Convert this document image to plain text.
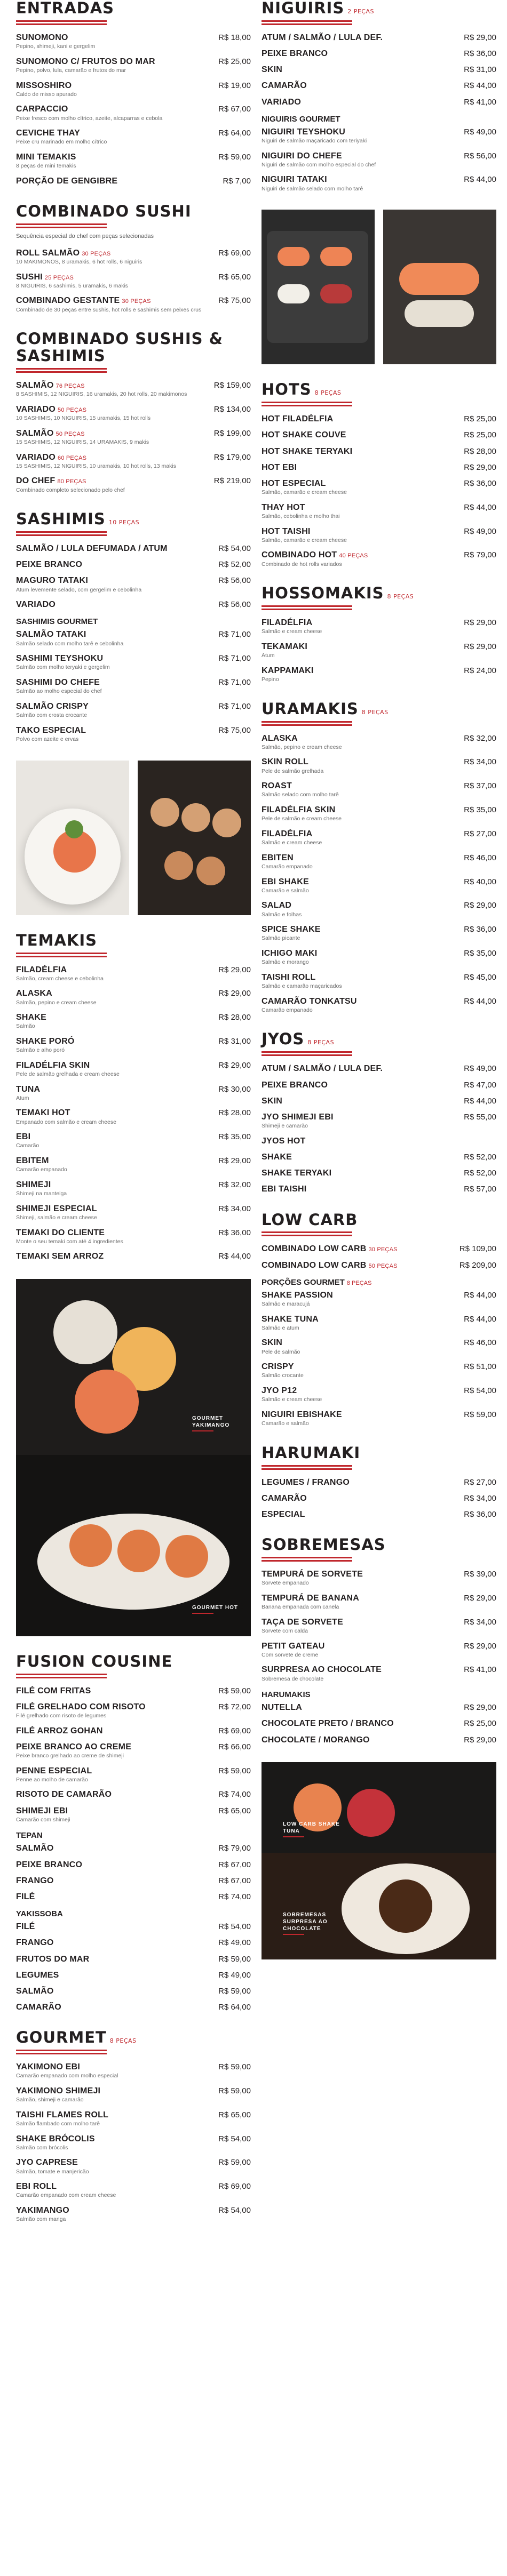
ENTRADAS
SUNOMONO	R$ 18,00
Pepino, shimeji, kani e gergelim
SUNOMONO C/ FRUTOS DO MAR	R$ 25,00
Pepino, polvo, lula, camarão e frutos do mar
MISSOSHIRO	R$ 19,00
Caldo de misso apurado
CARPACCIO	R$ 67,00
Peixe fresco com molho cítrico, azeite, alcaparras e cebola
CEVICHE THAY	R$ 64,00
Peixe cru marinado em molho cítrico
MINI TEMAKIS	R$ 59,00
8 peças de mini temakis
PORÇÃO DE GENGIBRE	R$ 7,00
COMBINADO SUSHI
Sequência especial do chef com peças selecionadas
ROLL SALMÃO 30 PEÇAS	R$ 69,00
10 MAKIMONOS, 8 uramakis, 6 hot rolls, 6 niguiris
SUSHI 25 PEÇAS	R$ 65,00
8 NIGUIRIS, 6 sashimis, 5 uramakis, 6 makis
COMBINADO GESTANTE 30 PEÇAS	R$ 75,00
Combinado de 30 peças entre sushis, hot rolls e sashimis sem peixes crus
COMBINADO SUSHIS & SASHIMIS
SALMÃO 76 PEÇAS	R$ 159,00
8 SASHIMIS, 12 NIGUIRIS, 16 uramakis, 20 hot rolls, 20 makimonos
VARIADO 50 PEÇAS	R$ 134,00
10 SASHIMIS, 10 NIGUIRIS, 15 uramakis, 15 hot rolls
SALMÃO 50 PEÇAS	R$ 199,00
15 SASHIMIS, 12 NIGUIRIS, 14 URAMAKIS, 9 makis
VARIADO 60 PEÇAS	R$ 179,00
15 SASHIMIS, 12 NIGUIRIS, 10 uramakis, 10 hot rolls, 13 makis
DO CHEF 80 PEÇAS	R$ 219,00
Combinado completo selecionado pelo chef
SASHIMIS 10 PEÇAS
SALMÃO / LULA DEFUMADA / ATUM	R$ 54,00
PEIXE BRANCO	R$ 52,00
MAGURO TATAKI	R$ 56,00
Atum levemente selado, com gergelim e cebolinha
VARIADO	R$ 56,00
SASHIMIS GOURMET
SALMÃO TATAKI	R$ 71,00
Salmão selado com molho tarê e cebolinha
SASHIMI TEYSHOKU	R$ 71,00
Salmão com molho teryaki e gergelim
SASHIMI DO CHEFE	R$ 71,00
Salmão ao molho especial do chef
SALMÃO CRISPY	R$ 71,00
Salmão com crosta crocante
TAKO ESPECIAL	R$ 75,00
Polvo com azeite e ervas
TEMAKIS
FILADÉLFIA	R$ 29,00
Salmão, cream cheese e cebolinha
ALASKA	R$ 29,00
Salmão, pepino e cream cheese
SHAKE	R$ 28,00
Salmão
SHAKE PORÓ	R$ 31,00
Salmão e alho poró
FILADÉLFIA SKIN	R$ 29,00
Pele de salmão grelhada e cream cheese
TUNA	R$ 30,00
Atum
TEMAKI HOT	R$ 28,00
Empanado com salmão e cream cheese
EBI	R$ 35,00
Camarão
EBITEM	R$ 29,00
Camarão empanado
SHIMEJI	R$ 32,00
Shimeji na manteiga
SHIMEJI ESPECIAL	R$ 34,00
Shimeji, salmão e cream cheese
TEMAKI DO CLIENTE	R$ 36,00
Monte o seu temaki com até 4 ingredientes
TEMAKI SEM ARROZ	R$ 44,00
GOURMET YAKIMANGO
GOURMET HOT
FUSION COUSINE
FILÉ COM FRITAS	R$ 59,00
FILÉ GRELHADO COM RISOTO	R$ 72,00
Filé grelhado com risoto de legumes
FILÉ ARROZ GOHAN	R$ 69,00
PEIXE BRANCO AO CREME	R$ 66,00
Peixe branco grelhado ao creme de shimeji
PENNE ESPECIAL	R$ 59,00
Penne ao molho de camarão
RISOTO DE CAMARÃO	R$ 74,00
SHIMEJI EBI	R$ 65,00
Camarão com shimeji
TEPAN
SALMÃO	R$ 79,00
PEIXE BRANCO	R$ 67,00
FRANGO	R$ 67,00
FILÉ	R$ 74,00
YAKISSOBA
FILÉ	R$ 54,00
FRANGO	R$ 49,00
FRUTOS DO MAR	R$ 59,00
LEGUMES	R$ 49,00
SALMÃO	R$ 59,00
CAMARÃO	R$ 64,00
GOURMET 8 PEÇAS
YAKIMONO EBI	R$ 59,00
Camarão empanado com molho especial
YAKIMONO SHIMEJI	R$ 59,00
Salmão, shimeji e camarão
TAISHI FLAMES ROLL	R$ 65,00
Salmão flambado com molho tarê
SHAKE BRÓCOLIS	R$ 54,00
Salmão com brócolis
JYO CAPRESE	R$ 59,00
Salmão, tomate e manjericão
EBI ROLL	R$ 69,00
Camarão empanado com cream cheese
YAKIMANGO	R$ 54,00
Salmão com manga
NIGUIRIS 2 PEÇAS
ATUM / SALMÃO / LULA DEF.	R$ 29,00
PEIXE BRANCO	R$ 36,00
SKIN	R$ 31,00
CAMARÃO	R$ 44,00
VARIADO	R$ 41,00
NIGUIRIS GOURMET
NIGUIRI TEYSHOKU	R$ 49,00
Niguiri de salmão maçaricado com teriyaki
NIGUIRI DO CHEFE	R$ 56,00
Niguiri de salmão com molho especial do chef
NIGUIRI TATAKI	R$ 44,00
Niguiri de salmão selado com molho tarê
HOTS 8 PEÇAS
HOT FILADÉLFIA	R$ 25,00
HOT SHAKE COUVE	R$ 25,00
HOT SHAKE TERYAKI	R$ 28,00
HOT EBI	R$ 29,00
HOT ESPECIAL	R$ 36,00
Salmão, camarão e cream cheese
THAY HOT	R$ 44,00
Salmão, cebolinha e molho thai
HOT TAISHI	R$ 49,00
Salmão, camarão e cream cheese
COMBINADO HOT 40 PEÇAS	R$ 79,00
Combinado de hot rolls variados
HOSSOMAKIS 8 PEÇAS
FILADÉLFIA	R$ 29,00
Salmão e cream cheese
TEKAMAKI	R$ 29,00
Atum
KAPPAMAKI	R$ 24,00
Pepino
URAMAKIS 8 PEÇAS
ALASKA	R$ 32,00
Salmão, pepino e cream cheese
SKIN ROLL	R$ 34,00
Pele de salmão grelhada
ROAST	R$ 37,00
Salmão selado com molho tarê
FILADÉLFIA SKIN	R$ 35,00
Pele de salmão e cream cheese
FILADÉLFIA	R$ 27,00
Salmão e cream cheese
EBITEN	R$ 46,00
Camarão empanado
EBI SHAKE	R$ 40,00
Camarão e salmão
SALAD	R$ 29,00
Salmão e folhas
SPICE SHAKE	R$ 36,00
Salmão picante
ICHIGO MAKI	R$ 35,00
Salmão e morango
TAISHI ROLL	R$ 45,00
Salmão e camarão maçaricados
CAMARÃO TONKATSU	R$ 44,00
Camarão empanado
JYOS 8 PEÇAS
ATUM / SALMÃO / LULA DEF.	R$ 49,00
PEIXE BRANCO	R$ 47,00
SKIN	R$ 44,00
JYO SHIMEJI EBI	R$ 55,00
Shimeji e camarão
JYOS HOT
SHAKE	R$ 52,00
SHAKE TERYAKI	R$ 52,00
EBI TAISHI	R$ 57,00
LOW CARB
COMBINADO LOW CARB 30 PEÇAS	R$ 109,00
COMBINADO LOW CARB 50 PEÇAS	R$ 209,00
PORÇÕES GOURMET 8 PEÇAS
SHAKE PASSION	R$ 44,00
Salmão e maracujá
SHAKE TUNA	R$ 44,00
Salmão e atum
SKIN	R$ 46,00
Pele de salmão
CRISPY	R$ 51,00
Salmão crocante
JYO P12	R$ 54,00
Salmão e cream cheese
NIGUIRI EBISHAKE	R$ 59,00
Camarão e salmão
HARUMAKI
LEGUMES / FRANGO	R$ 27,00
CAMARÃO	R$ 34,00
ESPECIAL	R$ 36,00
SOBREMESAS
TEMPURÁ DE SORVETE	R$ 39,00
Sorvete empanado
TEMPURÁ DE BANANA	R$ 29,00
Banana empanada com canela
TAÇA DE SORVETE	R$ 34,00
Sorvete com calda
PETIT GATEAU	R$ 29,00
Com sorvete de creme
SURPRESA AO CHOCOLATE	R$ 41,00
Sobremesa de chocolate
HARUMAKIS
NUTELLA	R$ 29,00
CHOCOLATE PRETO / BRANCO	R$ 25,00
CHOCOLATE / MORANGO	R$ 29,00
LOW CARB SHAKE TUNA
SOBREMESAS SURPRESA AO CHOCOLATE
